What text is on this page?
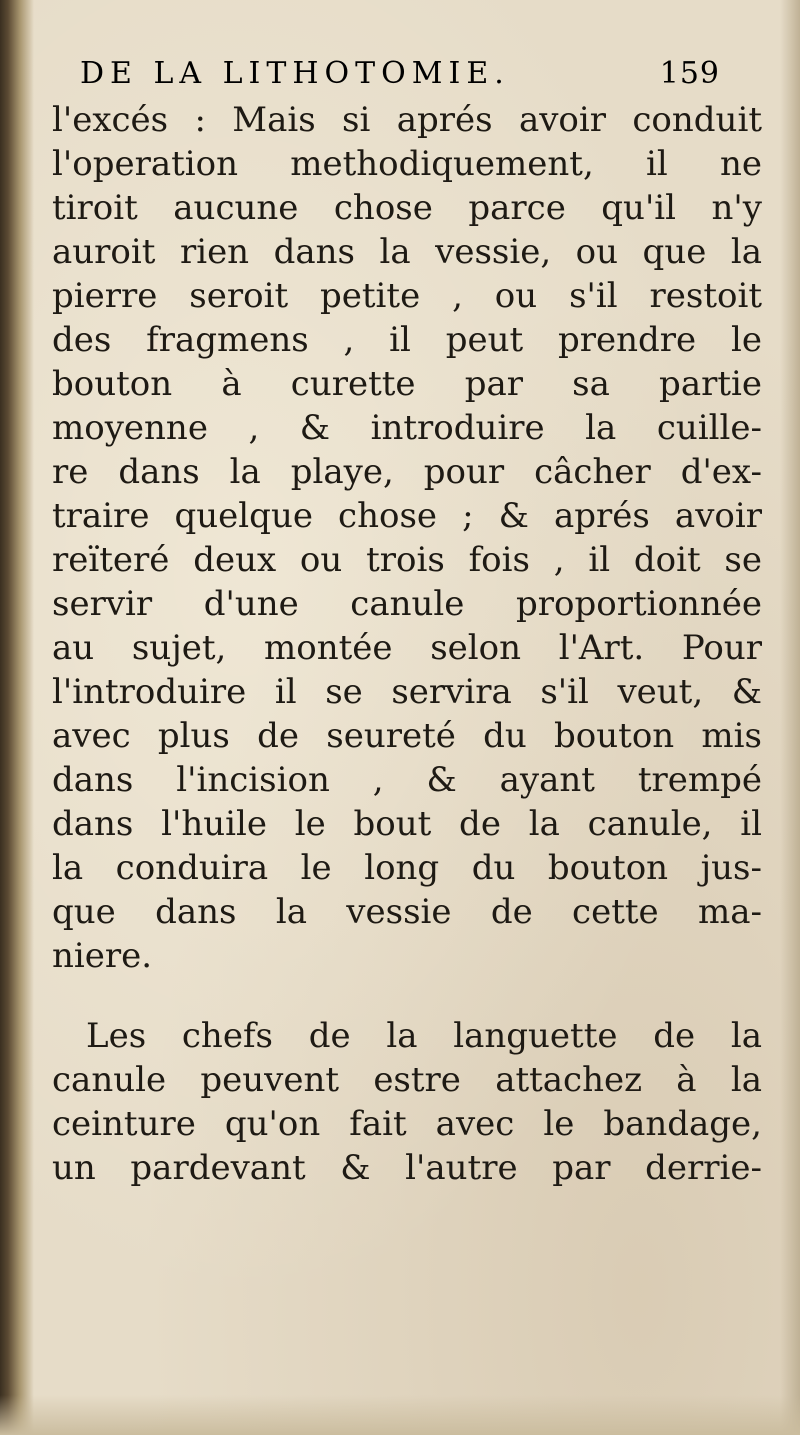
DE LA LITHOTOMIE.	159
l'excés : Mais si aprés avoir conduit
l'operation methodiquement, il ne
tiroit aucune chose parce qu'il n'y
auroit rien dans la vessie, ou que la
pierre seroit petite , ou s'il restoit
des fragmens , il peut prendre le
bouton à curette par sa partie
moyenne , & introduire la cuille-
re dans la playe, pour câcher d'ex-
traire quelque chose ; & aprés avoir
reïteré deux ou trois fois , il doit se
servir d'une canule proportionnée
au sujet, montée selon l'Art. Pour
l'introduire il se servira s'il veut, &
avec plus de seureté du bouton mis
dans l'incision , & ayant trempé
dans l'huile le bout de la canule, il
la conduira le long du bouton jus-
que dans la vessie de cette ma-
niere.
Les chefs de la languette de la
canule peuvent estre attachez à la
ceinture qu'on fait avec le bandage,
un pardevant & l'autre par derrie-
